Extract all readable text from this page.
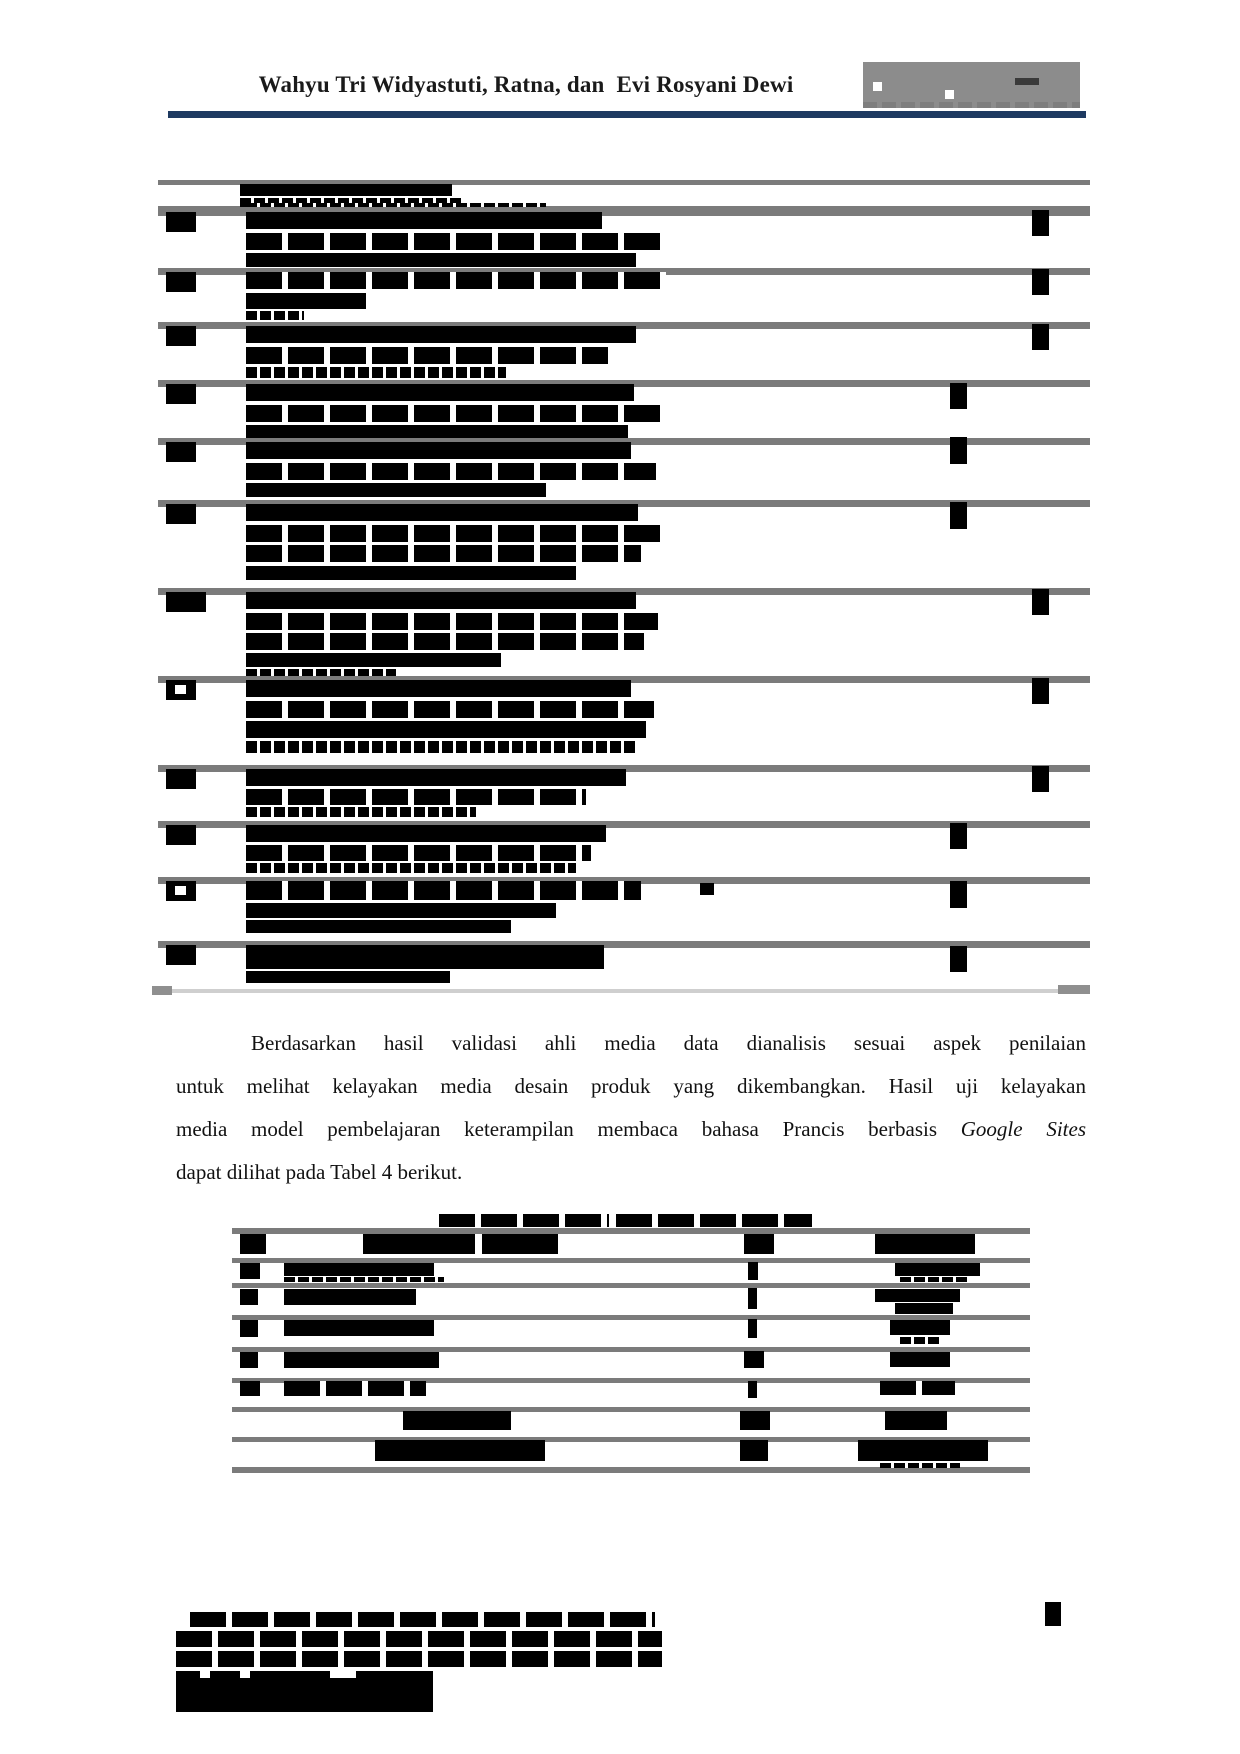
Wahyu Tri Widyastuti, Ratna, dan  Evi Rosyani Dewi
Berdasarkan hasil validasi ahli media data dianalisis sesuai aspek penilaian
untuk melihat kelayakan media desain produk yang dikembangkan. Hasil uji kelayakan
media model pembelajaran keterampilan membaca bahasa Prancis berbasis Google Sites
dapat dilihat pada Tabel 4 berikut.
